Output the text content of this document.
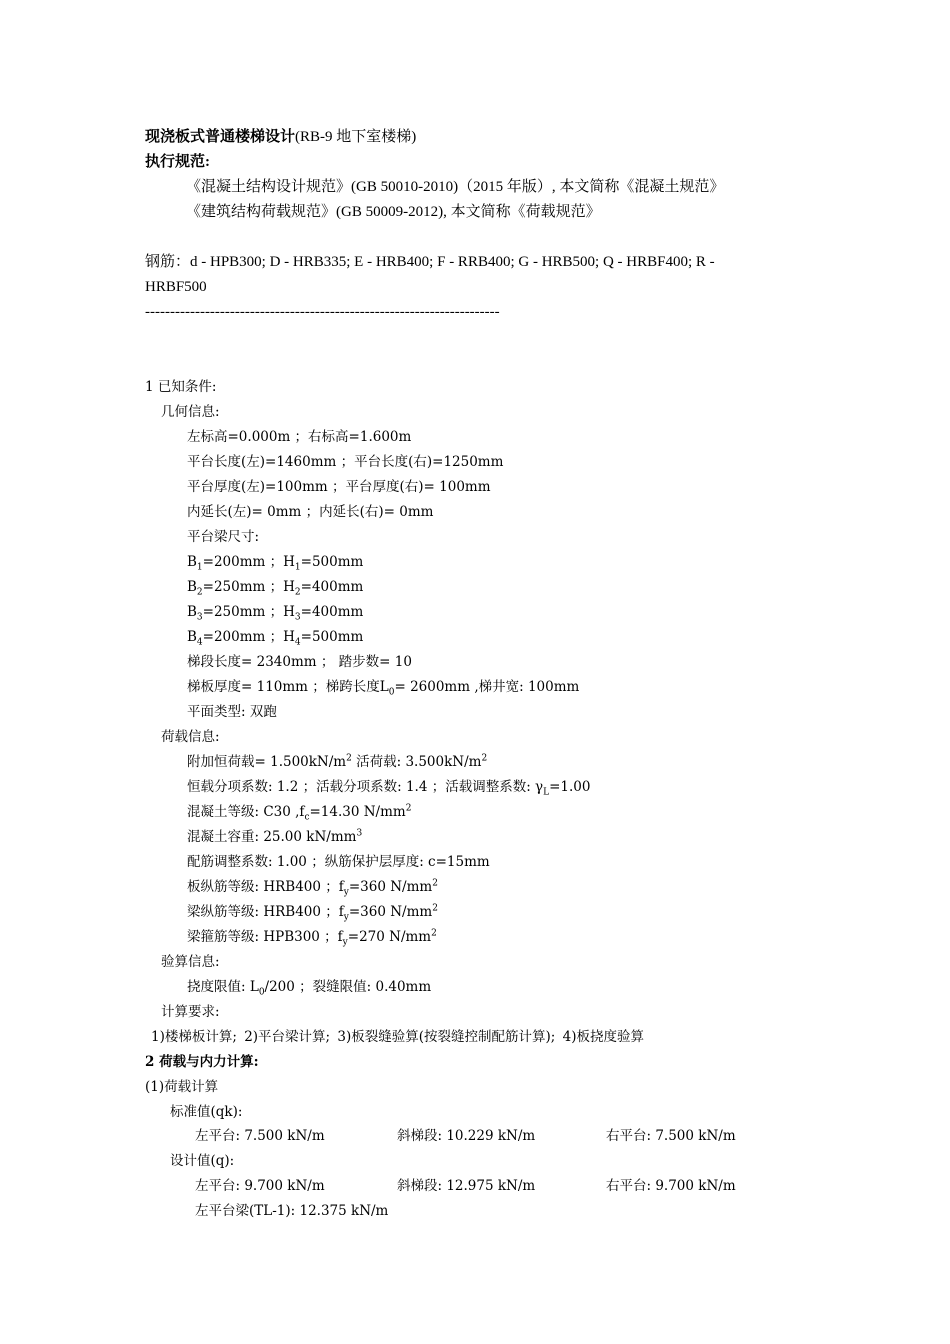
现浇板式普通楼梯设计(RB-9 地下室楼梯)
执行规范:
《混凝土结构设计规范》(GB 50010-2010)（2015 年版）, 本文简称《混凝土规范》
《建筑结构荷载规范》(GB 50009-2012), 本文简称《荷载规范》
钢筋：d - HPB300; D - HRB335; E - HRB400; F - RRB400; G - HRB500; Q - HRBF400; R -
HRBF500
-----------------------------------------------------------------------
1 已知条件:
几何信息:
左标高=0.000m ；右标高=1.600m
平台长度(左)=1460mm ；平台长度(右)=1250mm
平台厚度(左)=100mm ；平台厚度(右)= 100mm
内延长(左)= 0mm ；内延长(右)= 0mm
平台梁尺寸:
$B_1=200mm$ ；$H_1=500mm$
$B_2=250mm$ ；$H_2=400mm$
$B_3=250mm$ ；$H_3=400mm$
$B_4=200mm$ ；$H_4=500mm$
梯段长度= 2340mm ； 踏步数= 10
梯板厚度= 110mm ；梯跨长度$L_0= 2600mm$ ,梯井宽: 100mm
平面类型: 双跑
荷载信息:
附加恒荷载= $1.500kN/m^2$ 活荷载: $3.500kN/m^2$
恒载分项系数: 1.2 ；活载分项系数: 1.4 ；活载调整系数: $\gamma_L=1.00$
混凝土等级: C30 $,f_c=14.30$ $N/mm^2$
混凝土容重: 25.00 $kN/mm^3$
配筋调整系数: 1.00 ；纵筋保护层厚度: c=15mm
板纵筋等级: HRB400 ；$f_y=360$ $N/mm^2$
梁纵筋等级: HRB400 ；$f_y=360$ $N/mm^2$
梁箍筋等级: HPB300 ；$f_y=270$ $N/mm^2$
验算信息:
挠度限值: $L_0/200$ ；裂缝限值: 0.40mm
计算要求:
1)楼梯板计算; 2)平台梁计算; 3)板裂缝验算(按裂缝控制配筋计算); 4)板挠度验算
2 荷载与内力计算:
(1)荷载计算
标准值(qk):
左平台: 7.500 kN/m	斜梯段: 10.229 kN/m	右平台: 7.500 kN/m
设计值(q):
左平台: 9.700 kN/m	斜梯段: 12.975 kN/m	右平台: 9.700 kN/m
左平台梁(TL-1): 12.375 kN/m
